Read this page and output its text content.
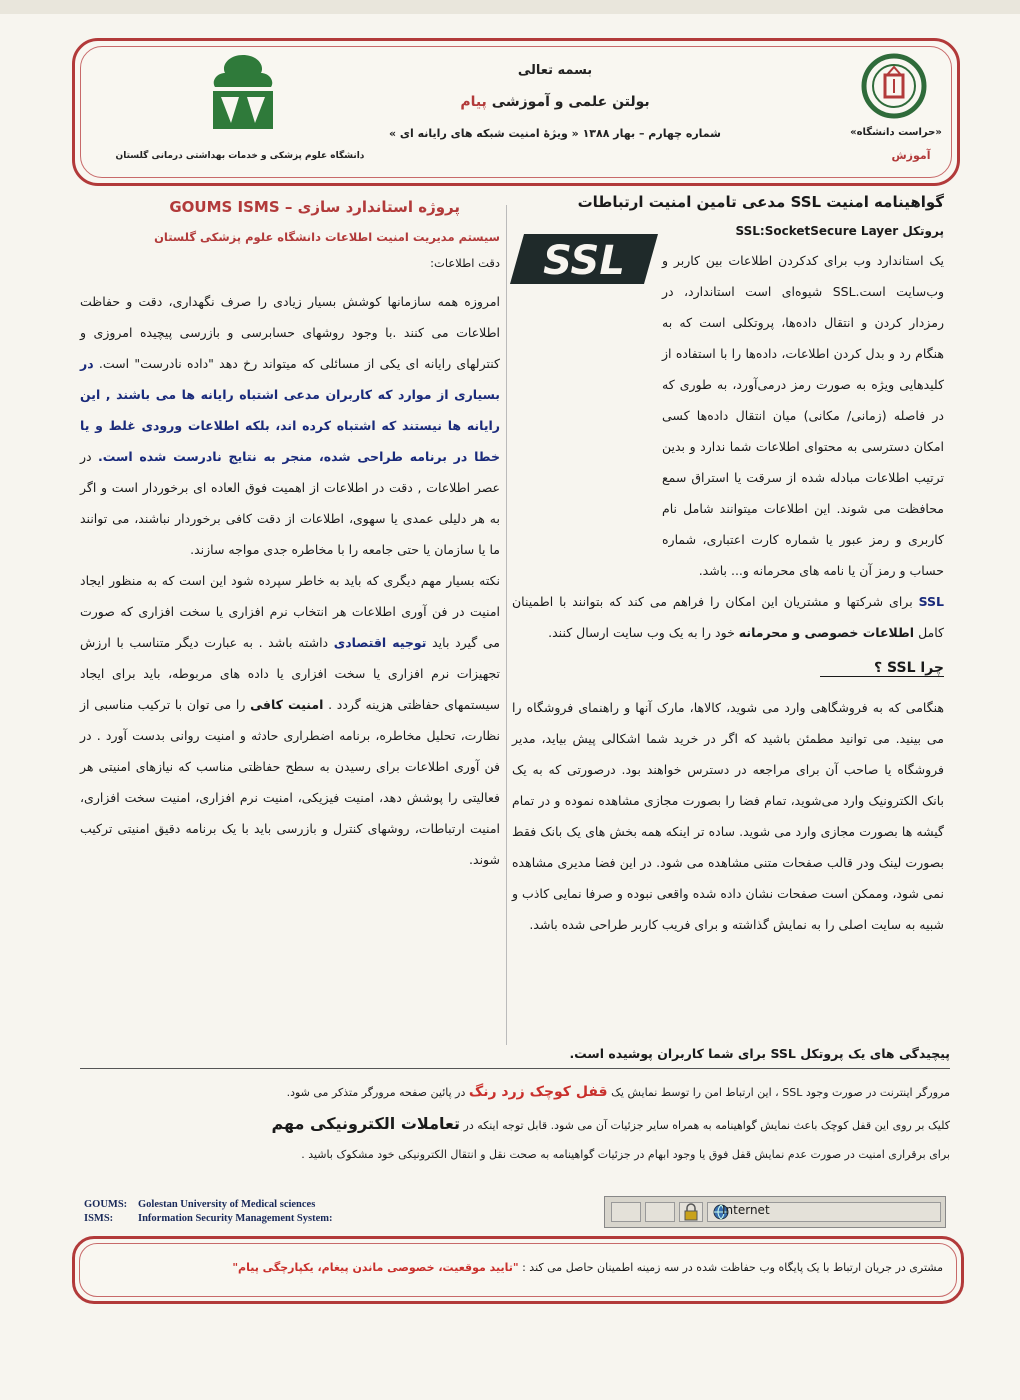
بسمه تعالی
بولتن علمی و آموزشی پیام
شماره چهارم – بهار ۱۳۸۸ « ویژهٔ امنیت شبکه های رایانه ای »	«حراست دانشگاه»
آموزش
دانشگاه علوم پزشکی و خدمات بهداشتی درمانی گلستان
گواهینامه امنیت SSL مدعی تامین امنیت ارتباطات
پروتکل SSL:SocketSecure Layer
SSL	یک استاندارد وب برای کدکردن اطلاعات بین کاربر و وب‌سایت است.SSL شیوه‌ای است استاندارد، در رمزدار کردن و انتقال داده‌ها، پروتکلی است که به هنگام رد و بدل کردن اطلاعات، داده‌ها را با استفاده از کلیدهایی ویژه به صورت رمز درمی‌آورد، به طوری که در فاصله (زمانی/ مکانی) میان انتقال داده‌ها کسی امکان دسترسی به محتوای اطلاعات شما ندارد و بدین ترتیب اطلاعات مبادله شده از سرقت یا استراق سمع محافظت می شوند. این اطلاعات میتوانند شامل نام کاربری و رمز عبور یا شماره کارت اعتباری، شماره حساب و رمز آن یا نامه های محرمانه و... باشد.

SSL برای شرکتها و مشتریان این امکان را فراهم می کند که بتوانند با اطمینان کامل اطلاعات خصوصی و محرمانه خود را به یک وب سایت ارسال کنند.

چرا SSL ؟

هنگامی که به فروشگاهی وارد می شوید، کالاها، مارک آنها و راهنمای فروشگاه را می بینید. می توانید مطمئن باشید که اگر در خرید شما اشکالی پیش بیاید، مدیر فروشگاه یا صاحب آن برای مراجعه در دسترس خواهند بود. درصورتی که به یک بانک الکترونیک وارد می‌شوید، تمام فضا را بصورت مجازی مشاهده نموده و در تمام گیشه ها بصورت مجازی وارد می شوید. ساده تر اینکه همه بخش های یک بانک فقط بصورت لینک ودر قالب صفحات متنی مشاهده می شود. در این فضا مدیری مشاهده نمی شود، وممکن است صفحات نشان داده شده واقعی نبوده و صرفا نمایی کاذب و شبیه به سایت اصلی را به نمایش گذاشته و برای فریب کاربر طراحی شده باشد.

پروژه استاندارد سازی – GOUMS ISMS
سیستم مدیریت امنیت اطلاعات دانشگاه علوم پزشکی گلستان
دقت اطلاعات:

امروزه همه سازمانها کوشش بسیار زیادی را صرف نگهداری، دقت و حفاظت اطلاعات می کنند .با وجود روشهای حسابرسی و بازرسی پیچیده امروزی و کنترلهای رایانه ای یکی از مسائلی که میتواند رخ دهد "داده نادرست" است. در بسیاری از موارد که کاربران مدعی اشتباه رایانه ها می باشند , این رایانه ها نیستند که اشتباه کرده اند، بلکه اطلاعات ورودی غلط و یا خطا در برنامه طراحی شده، منجر به نتایج نادرست شده است. در عصر اطلاعات , دقت در اطلاعات از اهمیت فوق العاده ای برخوردار است و اگر به هر دلیلی عمدی یا سهوی، اطلاعات از دقت کافی برخوردار نباشند، می توانند ما یا سازمان یا حتی جامعه را با مخاطره جدی مواجه سازند.

نکته بسیار مهم دیگری که باید به خاطر سپرده شود این است که به منظور ایجاد امنیت در فن آوری اطلاعات هر انتخاب نرم افزاری یا سخت افزاری که صورت می گیرد باید توجیه اقتصادی داشته باشد . به عبارت دیگر متناسب با ارزش تجهیزات نرم افزاری یا سخت افزاری یا داده های مربوطه، باید برای ایجاد سیستمهای حفاظتی هزینه گردد . امنیت کافی را می توان با ترکیب مناسبی از نظارت، تحلیل مخاطره، برنامه اضطراری حادثه و امنیت روانی بدست آورد . در فن آوری اطلاعات برای رسیدن به سطح حفاظتی مناسب که نیازهای امنیتی هر فعالیتی را پوشش دهد، امنیت فیزیکی، امنیت نرم افزاری، امنیت سخت افزاری، امنیت ارتباطات، روشهای کنترل و بازرسی باید با یک برنامه دقیق امنیتی ترکیب شوند.

پیچیدگی های یک پروتکل SSL برای شما کاربران پوشیده است.
مرورگر اینترنت در صورت وجود SSL ، این ارتباط امن را توسط نمایش یک قفل کوچک زرد رنگ در پائین صفحه مرورگر متذکر می شود.
کلیک بر روی این قفل کوچک باعث نمایش گواهینامه به همراه سایر جزئیات آن می شود. قابل توجه اینکه در تعاملات الکترونیکی مهم
برای برقراری امنیت در صورت عدم نمایش قفل فوق یا وجود ابهام در جزئیات گواهینامه به صحت نقل و انتقال الکترونیکی خود مشکوک باشید .
GOUMS: Golestan University of Medical sciences
ISMS: Information Security Management System:
Internet
مشتری در جریان ارتباط با یک پایگاه وب حفاظت شده در سه زمینه اطمینان حاصل می کند : "تایید موقعیت، خصوصی ماندن پیغام، یکپارچگی پیام"
